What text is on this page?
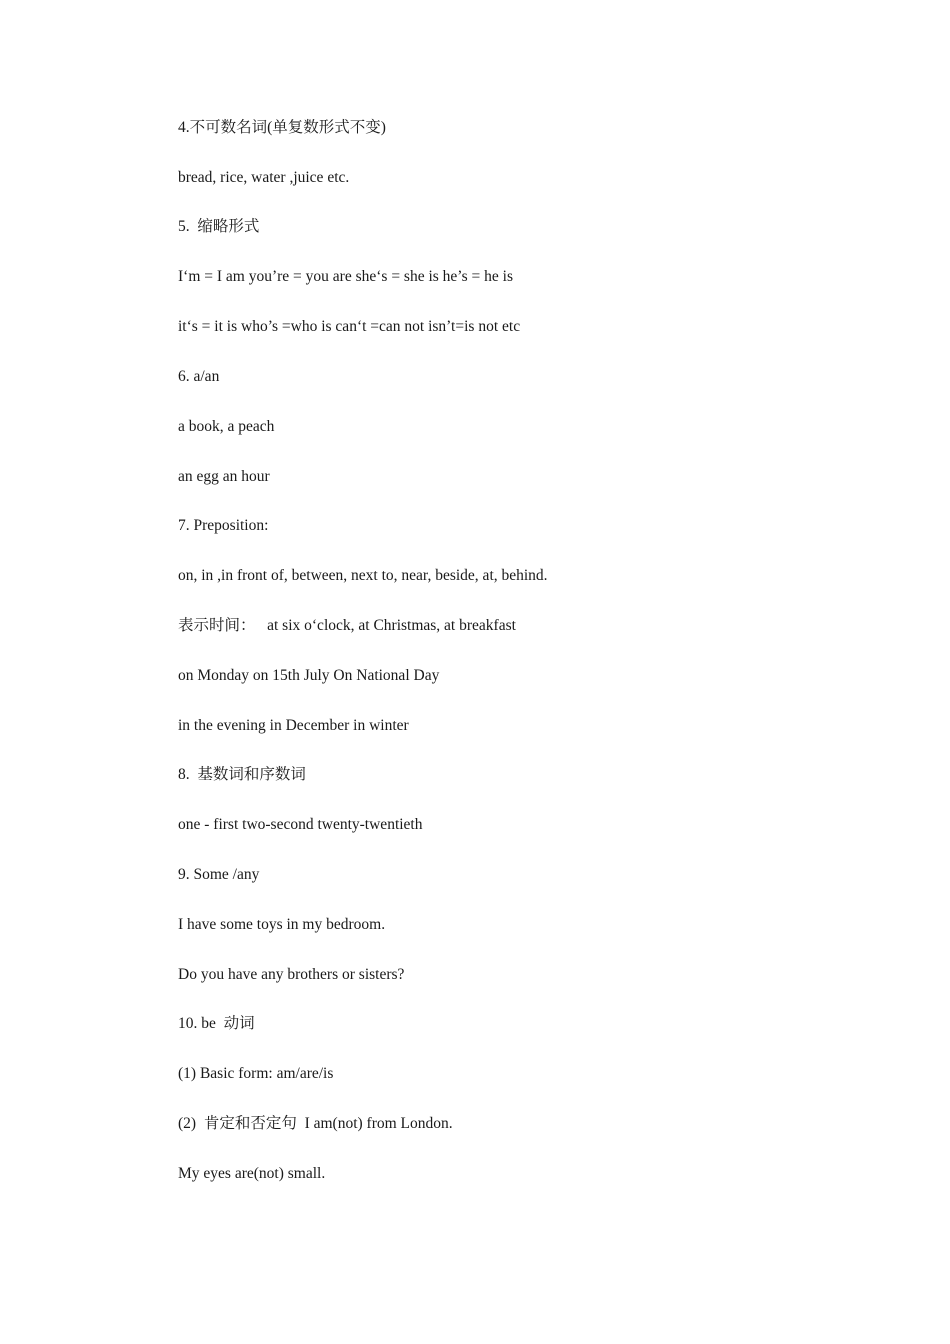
4.不可数名词(单复数形式不变)

bread, rice, water ,juice etc.

5.  缩略形式

I‘m = I am you’re = you are she‘s = she is he’s = he is

it‘s = it is who’s =who is can‘t =can not isn’t=is not etc

6. a/an

a book, a peach

an egg an hour

7. Preposition:

on, in ,in front of, between, next to, near, beside, at, behind.

表示时间：   at six o‘clock, at Christmas, at breakfast

on Monday on 15th July On National Day

in the evening in December in winter

8.  基数词和序数词

one - first two-second twenty-twentieth

9. Some /any

I have some toys in my bedroom.

Do you have any brothers or sisters?

10. be  动词

(1) Basic form: am/are/is

(2)  肯定和否定句  I am(not) from London.

My eyes are(not) small.
